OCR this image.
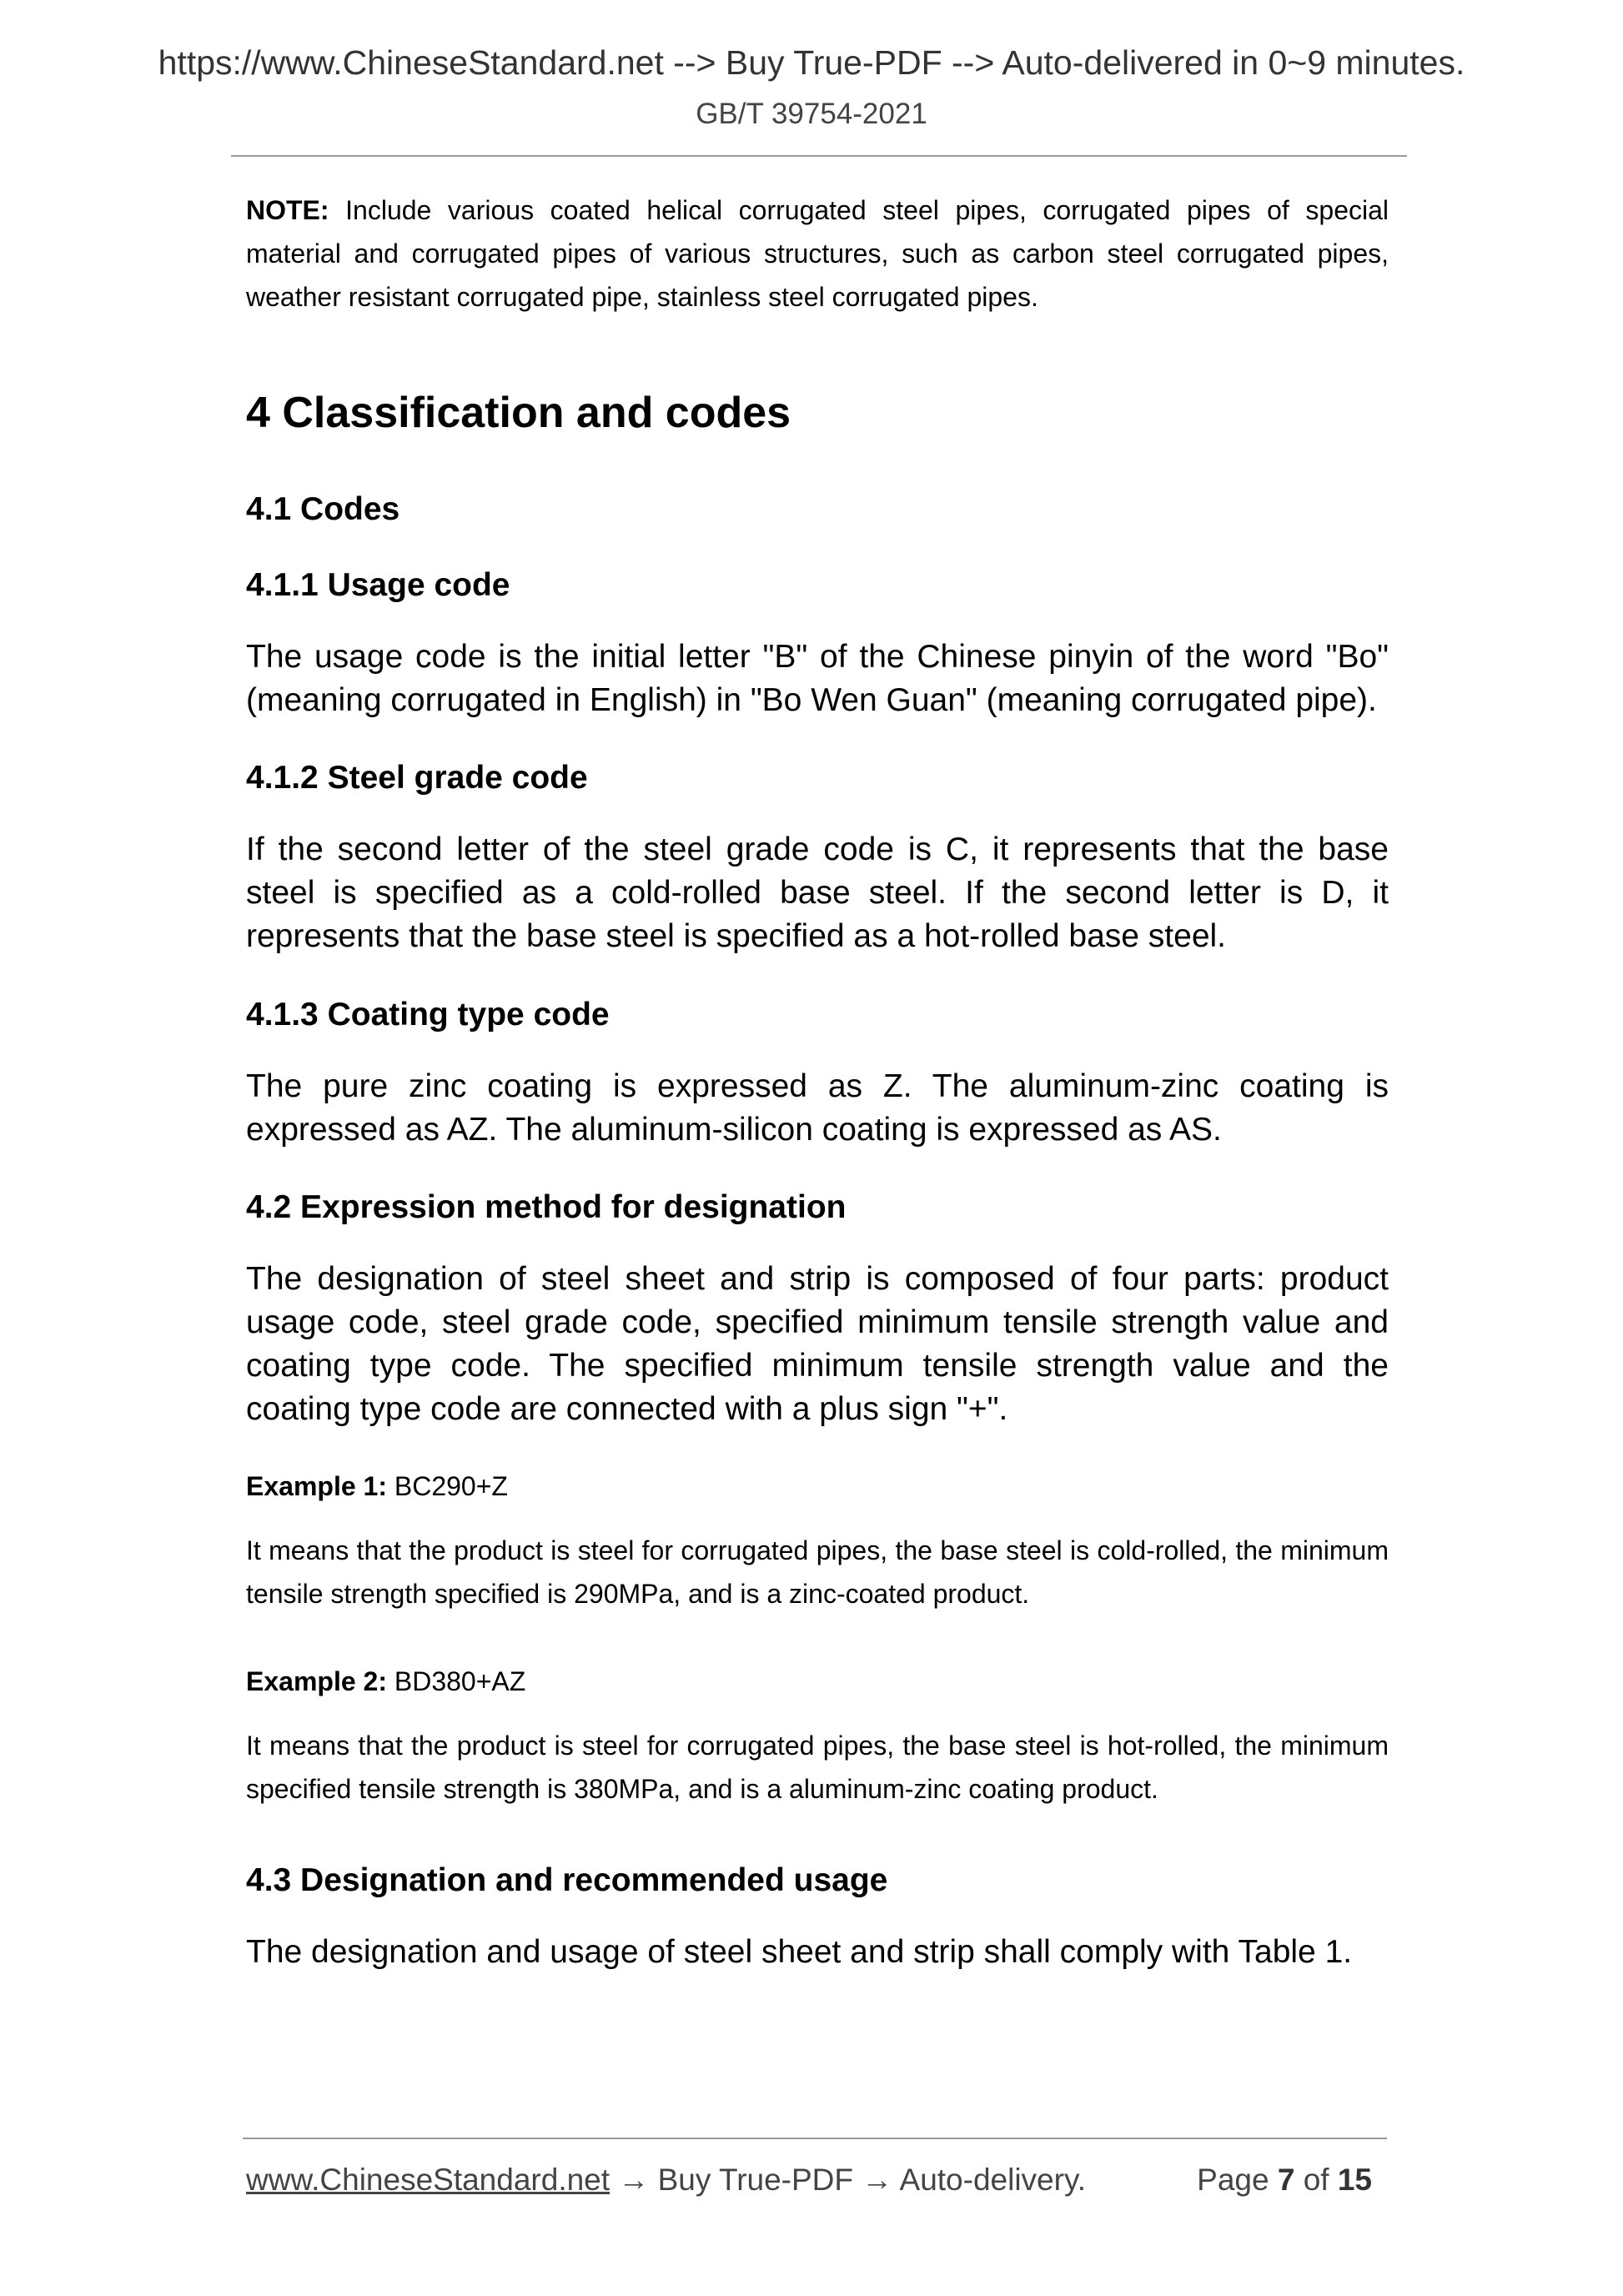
https://www.ChineseStandard.net --> Buy True-PDF --> Auto-delivered in 0~9 minutes.
GB/T 39754-2021

NOTE: Include various coated helical corrugated steel pipes, corrugated pipes of special material and corrugated pipes of various structures, such as carbon steel corrugated pipes, weather resistant corrugated pipe, stainless steel corrugated pipes.

4 Classification and codes
4.1 Codes
4.1.1 Usage code

The usage code is the initial letter "B" of the Chinese pinyin of the word "Bo" (meaning corrugated in English) in "Bo Wen Guan" (meaning corrugated pipe).

4.1.2 Steel grade code

If the second letter of the steel grade code is C, it represents that the base steel is specified as a cold-rolled base steel. If the second letter is D, it represents that the base steel is specified as a hot-rolled base steel.

4.1.3 Coating type code

The pure zinc coating is expressed as Z. The aluminum-zinc coating is expressed as AZ. The aluminum-silicon coating is expressed as AS.

4.2 Expression method for designation

The designation of steel sheet and strip is composed of four parts: product usage code, steel grade code, specified minimum tensile strength value and coating type code. The specified minimum tensile strength value and the coating type code are connected with a plus sign "+".

Example 1: BC290+Z

It means that the product is steel for corrugated pipes, the base steel is cold-rolled, the minimum tensile strength specified is 290MPa, and is a zinc-coated product.

Example 2: BD380+AZ

It means that the product is steel for corrugated pipes, the base steel is hot-rolled, the minimum specified tensile strength is 380MPa, and is a aluminum-zinc coating product.

4.3 Designation and recommended usage

The designation and usage of steel sheet and strip shall comply with Table 1.

www.ChineseStandard.net → Buy True-PDF → Auto-delivery.	Page 7 of 15
